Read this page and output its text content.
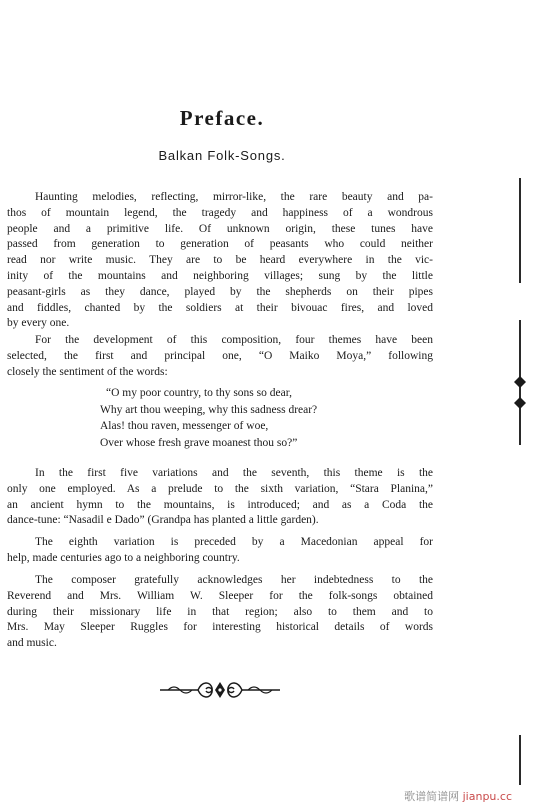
Preface.
Balkan Folk-Songs.
Haunting melodies, reflecting, mirror-like, the rare beauty and pa-
thos of mountain legend, the tragedy and happiness of a wondrous
people and a primitive life. Of unknown origin, these tunes have
passed from generation to generation of peasants who could neither
read nor write music. They are to be heard everywhere in the vic-
inity of the mountains and neighboring villages; sung by the little
peasant-girls as they dance, played by the shepherds on their pipes
and fiddles, chanted by the soldiers at their bivouac fires, and loved
by every one.
For the development of this composition, four themes have been
selected, the first and principal one, “O Maiko Moya,” following
closely the sentiment of the words:
“O my poor country, to thy sons so dear,
Why art thou weeping, why this sadness drear?
Alas! thou raven, messenger of woe,
Over whose fresh grave moanest thou so?”
In the first five variations and the seventh, this theme is the
only one employed. As a prelude to the sixth variation, “Stara Planina,”
an ancient hymn to the mountains, is introduced; and as a Coda the
dance-tune: “Nasadil e Dado” (Grandpa has planted a little garden).
The eighth variation is preceded by a Macedonian appeal for
help, made centuries ago to a neighboring country.
The composer gratefully acknowledges her indebtedness to the
Reverend and Mrs. William W. Sleeper for the folk-songs obtained
during their missionary life in that region; also to them and to
Mrs. May Sleeper Ruggles for interesting historical details of words
and music.
歌谱简谱网 jianpu.cc
